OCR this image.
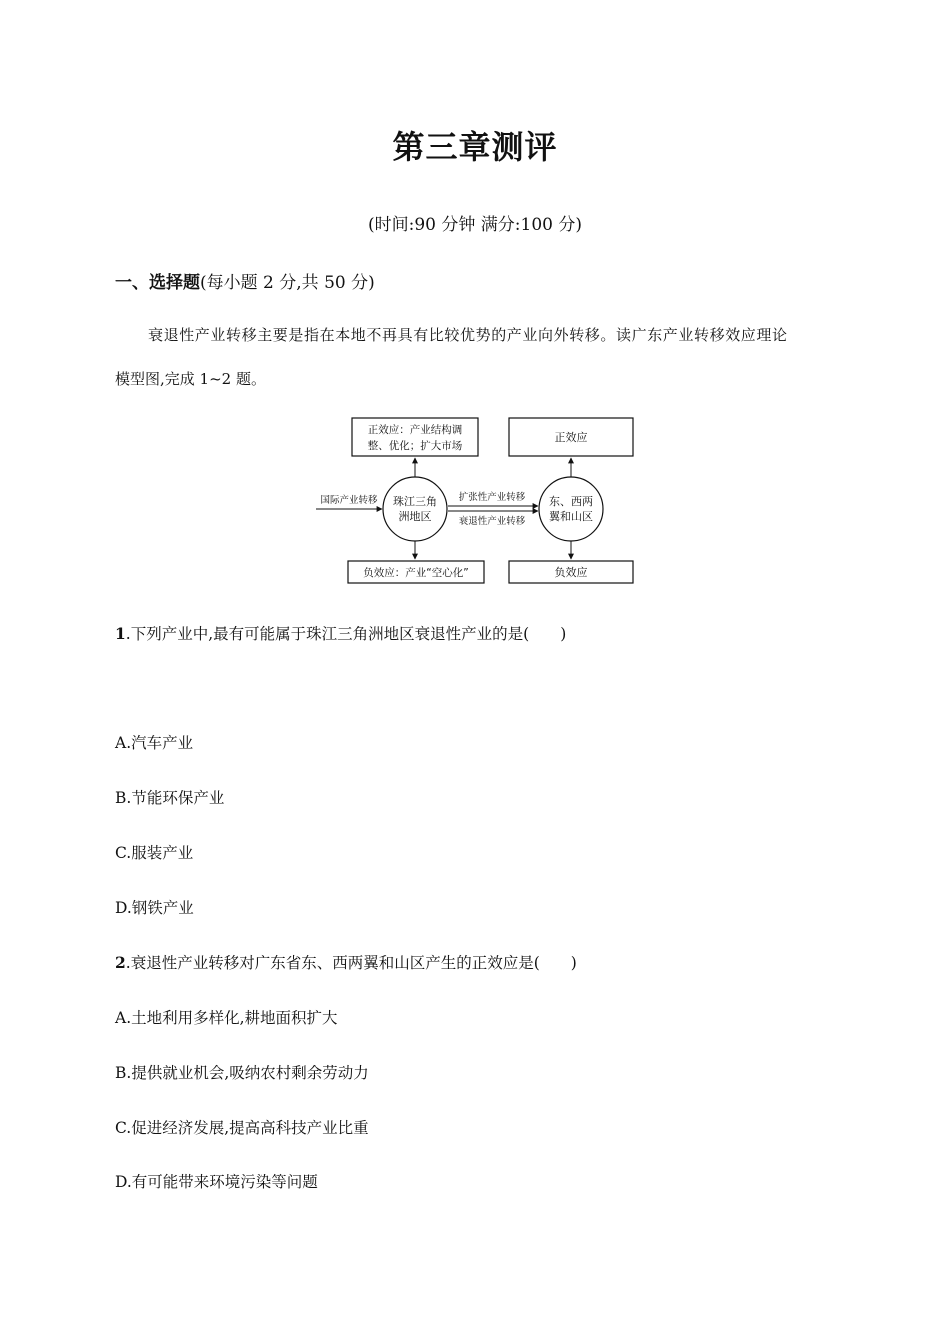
第三章测评
(时间:90 分钟 满分:100 分)
一、选择题(每小题 2 分,共 50 分)
衰退性产业转移主要是指在本地不再具有比较优势的产业向外转移。读广东产业转移效应理论
模型图,完成 1~2 题。
正效应：产业结构调
整、优化；扩大市场
正效应
珠江三角
洲地区
东、西两
翼和山区
国际产业转移	扩张性产业转移
衰退性产业转移
负效应：产业“空心化”	负效应
1.下列产业中,最有可能属于珠江三角洲地区衰退性产业的是(　　)
A.汽车产业
B.节能环保产业
C.服装产业
D.钢铁产业
2.衰退性产业转移对广东省东、西两翼和山区产生的正效应是(　　)
A.土地利用多样化,耕地面积扩大
B.提供就业机会,吸纳农村剩余劳动力
C.促进经济发展,提高高科技产业比重
D.有可能带来环境污染等问题
